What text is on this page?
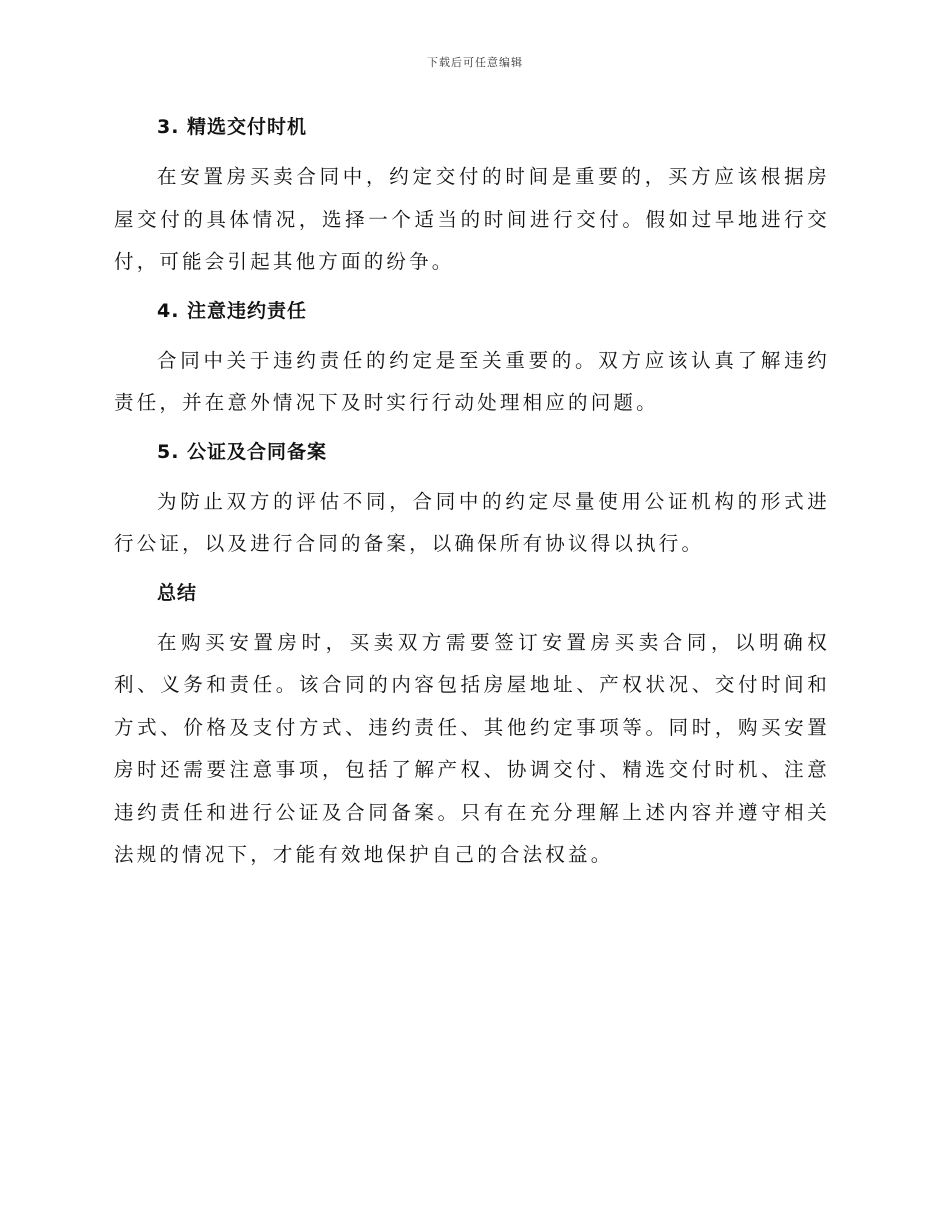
下载后可任意编辑
3. 精选交付时机

在安置房买卖合同中，约定交付的时间是重要的，买方应该根据房屋交付的具体情况，选择一个适当的时间进行交付。假如过早地进行交付，可能会引起其他方面的纷争。

4. 注意违约责任

合同中关于违约责任的约定是至关重要的。双方应该认真了解违约责任，并在意外情况下及时实行行动处理相应的问题。

5. 公证及合同备案

为防止双方的评估不同，合同中的约定尽量使用公证机构的形式进行公证，以及进行合同的备案，以确保所有协议得以执行。

总结

在购买安置房时，买卖双方需要签订安置房买卖合同，以明确权利、义务和责任。该合同的内容包括房屋地址、产权状况、交付时间和方式、价格及支付方式、违约责任、其他约定事项等。同时，购买安置房时还需要注意事项，包括了解产权、协调交付、精选交付时机、注意违约责任和进行公证及合同备案。只有在充分理解上述内容并遵守相关法规的情况下，才能有效地保护自己的合法权益。
